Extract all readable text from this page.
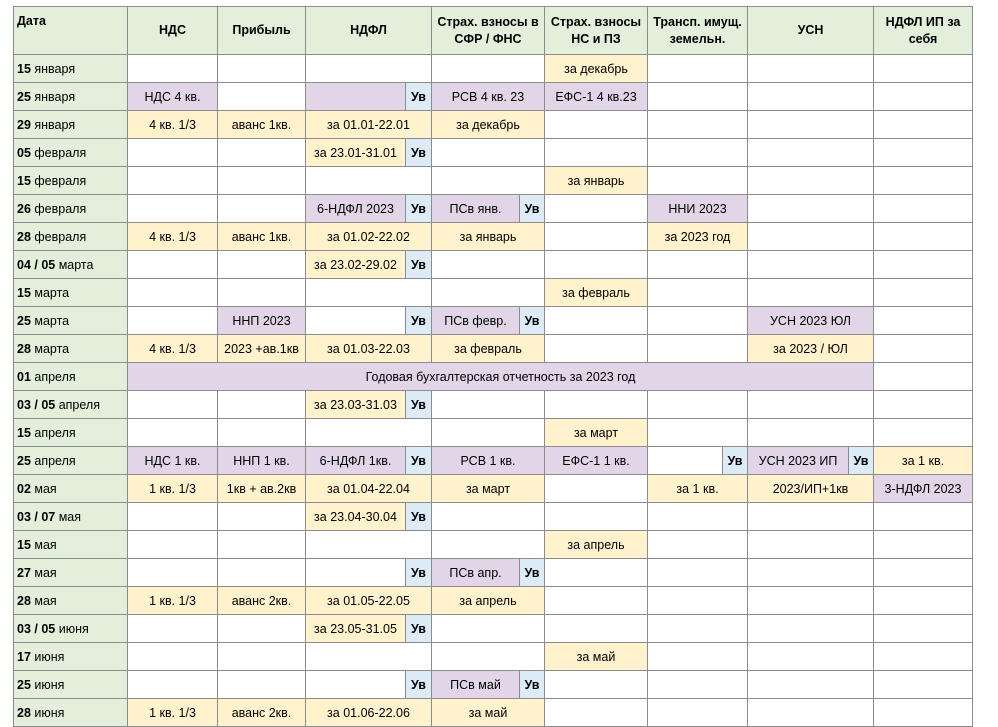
Дата	НДС	Прибыль	НДФЛ		Страх. взносы в СФР / ФНС		Страх. взносы НС и ПЗ	Трансп. имущ. земельн.		УСН		НДФЛ ИП за себя
15 января							за декабрь					
25 января	НДС 4 кв.			Ув	РСВ 4 кв. 23		ЕФС-1 4 кв.23					
29 января	4 кв. 1/3	аванс 1кв.	за 01.01-22.01		за декабрь							
05 февраля			за 23.01-31.01	Ув								
15 февраля							за январь					
26 февраля			6-НДФЛ 2023	Ув	ПСв янв.	Ув		ННИ 2023				
28 февраля	4 кв. 1/3	аванс 1кв.	за 01.02-22.02		за январь			за 2023 год				
04 / 05 марта			за 23.02-29.02	Ув								
15 марта							за февраль					
25 марта		ННП 2023		Ув	ПСв февр.	Ув				УСН 2023 ЮЛ		
28 марта	4 кв. 1/3	2023 +ав.1кв	за 01.03-22.03		за февраль					за 2023 / ЮЛ		
01 апреля	Годовая бухгалтерская отчетность за 2023 год											
03 / 05 апреля			за 23.03-31.03	Ув								
15 апреля							за март					
25 апреля	НДС 1 кв.	ННП 1 кв.	6-НДФЛ 1кв.	Ув	РСВ 1 кв.		ЕФС-1 1 кв.		Ув	УСН 2023 ИП	Ув	за 1 кв.
02 мая	1 кв. 1/3	1кв + ав.2кв	за 01.04-22.04		за март			за 1 кв.		2023/ИП+1кв		3-НДФЛ 2023
03 / 07 мая			за 23.04-30.04	Ув								
15 мая							за апрель					
27 мая				Ув	ПСв апр.	Ув						
28 мая	1 кв. 1/3	аванс 2кв.	за 01.05-22.05		за апрель							
03 / 05 июня			за 23.05-31.05	Ув								
17 июня							за май					
25 июня				Ув	ПСв май	Ув						
28 июня	1 кв. 1/3	аванс 2кв.	за 01.06-22.06		за май							
